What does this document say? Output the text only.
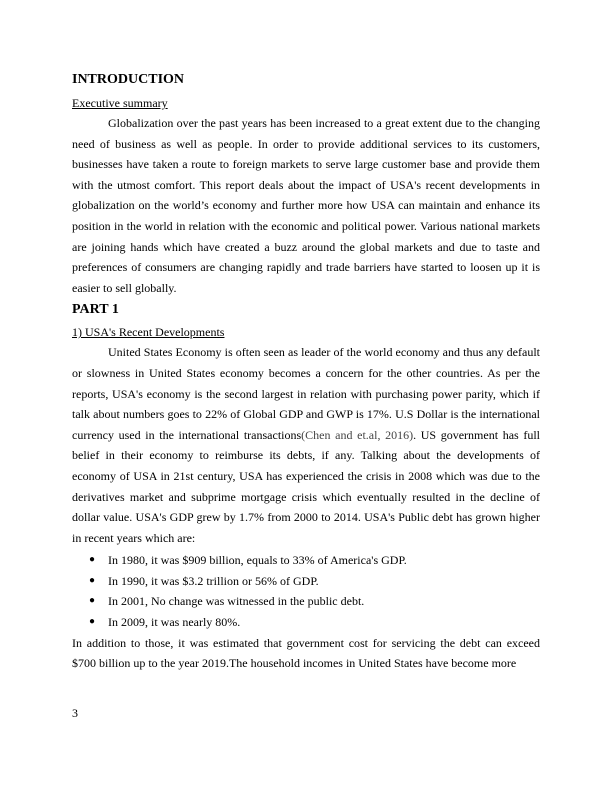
INTRODUCTION
Executive summary

Globalization over the past years has been increased to a great extent due to the changing need of business as well as people. In order to provide additional services to its customers, businesses have taken a route to foreign markets to serve large customer base and provide them with the utmost comfort. This report deals about the impact of USA's recent developments in globalization on the world’s economy and further more how USA can maintain and enhance its position in the world in relation with the economic and political power. Various national markets are joining hands which have created a buzz around the global markets and due to taste and preferences of consumers are changing rapidly and trade barriers have started to loosen up it is easier to sell globally.

PART 1
1) USA's Recent Developments

United States Economy is often seen as leader of the world economy and thus any default or slowness in United States economy becomes a concern for the other countries. As per the reports, USA's economy is the second largest in relation with purchasing power parity, which if talk about numbers goes to 22% of Global GDP and GWP is 17%. U.S Dollar is the international currency used in the international transactions(Chen and et.al, 2016). US government has full belief in their economy to reimburse its debts, if any. Talking about the developments of economy of USA in 21st century, USA has experienced the crisis in 2008 which was due to the derivatives market and subprime mortgage crisis which eventually resulted in the decline of dollar value. USA's GDP grew by 1.7% from 2000 to 2014. USA's Public debt has grown higher in recent years which are:

● In 1980, it was $909 billion, equals to 33% of America's GDP.
● In 1990, it was $3.2 trillion or 56% of GDP.
● In 2001, No change was witnessed in the public debt.
● In 2009, it was nearly 80%.

In addition to those, it was estimated that government cost for servicing the debt can exceed $700 billion up to the year 2019.The household incomes in United States have become more

3
